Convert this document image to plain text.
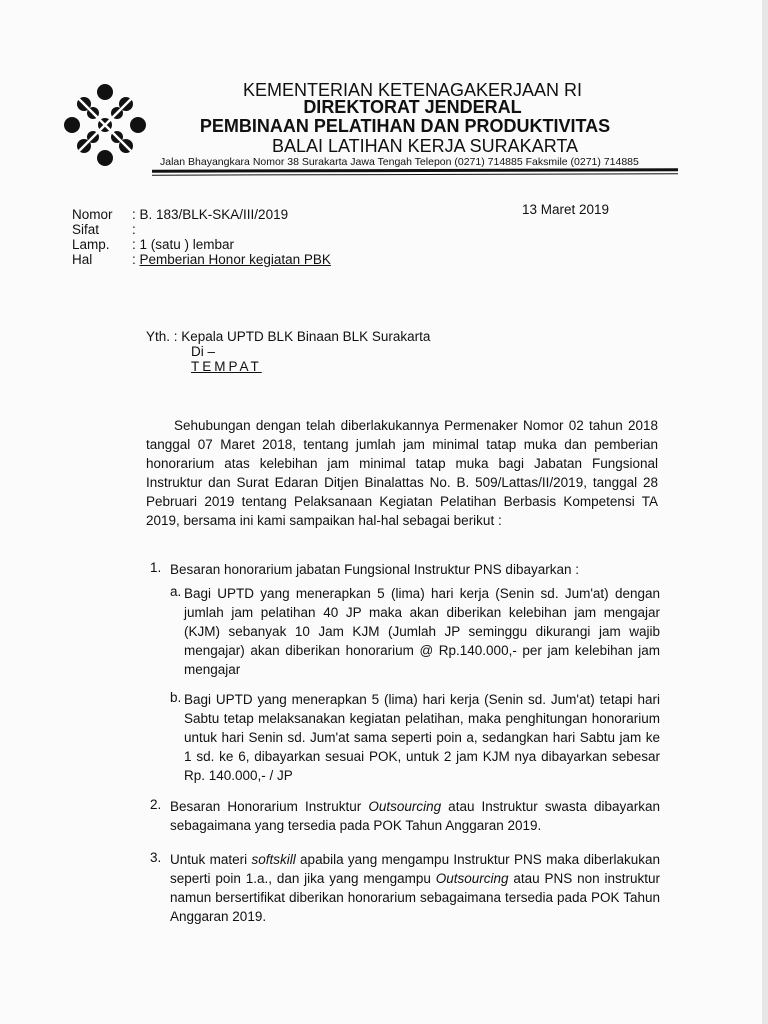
KEMENTERIAN KETENAGAKERJAAN RI
DIREKTORAT JENDERAL
PEMBINAAN PELATIHAN DAN PRODUKTIVITAS
BALAI LATIHAN KERJA SURAKARTA
Jalan Bhayangkara Nomor 38 Surakarta Jawa Tengah Telepon (0271) 714885 Faksmile (0271) 714885
Nomor	: B. 183/BLK-SKA/III/2019
Sifat	:
Lamp.	: 1 (satu ) lembar
Hal	: Pemberian Honor kegiatan PBK
13 Maret 2019
Yth. : Kepala UPTD BLK Binaan BLK Surakarta
Di –
TEMPAT
Sehubungan dengan telah diberlakukannya Permenaker Nomor 02 tahun 2018 tanggal 07 Maret 2018, tentang jumlah jam minimal tatap muka dan pemberian honorarium atas kelebihan jam minimal tatap muka bagi Jabatan Fungsional Instruktur dan Surat Edaran Ditjen Binalattas No. B. 509/Lattas/II/2019, tanggal 28 Pebruari 2019 tentang Pelaksanaan Kegiatan Pelatihan Berbasis Kompetensi TA 2019, bersama ini kami sampaikan hal-hal sebagai berikut :
1. Besaran honorarium jabatan Fungsional Instruktur PNS dibayarkan :
a. Bagi UPTD yang menerapkan 5 (lima) hari kerja (Senin sd. Jum'at) dengan jumlah jam pelatihan 40 JP maka akan diberikan kelebihan jam mengajar (KJM) sebanyak 10 Jam KJM (Jumlah JP seminggu dikurangi jam wajib mengajar) akan diberikan honorarium @ Rp.140.000,- per jam kelebihan jam mengajar
b. Bagi UPTD yang menerapkan 5 (lima) hari kerja (Senin sd. Jum'at) tetapi hari Sabtu tetap melaksanakan kegiatan pelatihan, maka penghitungan honorarium untuk hari Senin sd. Jum'at sama seperti poin a, sedangkan hari Sabtu jam ke 1 sd. ke 6, dibayarkan sesuai POK, untuk 2 jam KJM nya dibayarkan sebesar Rp. 140.000,- / JP
2. Besaran Honorarium Instruktur Outsourcing atau Instruktur swasta dibayarkan sebagaimana yang tersedia pada POK Tahun Anggaran 2019.
3. Untuk materi softskill apabila yang mengampu Instruktur PNS maka diberlakukan seperti poin 1.a., dan jika yang mengampu Outsourcing atau PNS non instruktur namun bersertifikat diberikan honorarium sebagaimana tersedia pada POK Tahun Anggaran 2019.
